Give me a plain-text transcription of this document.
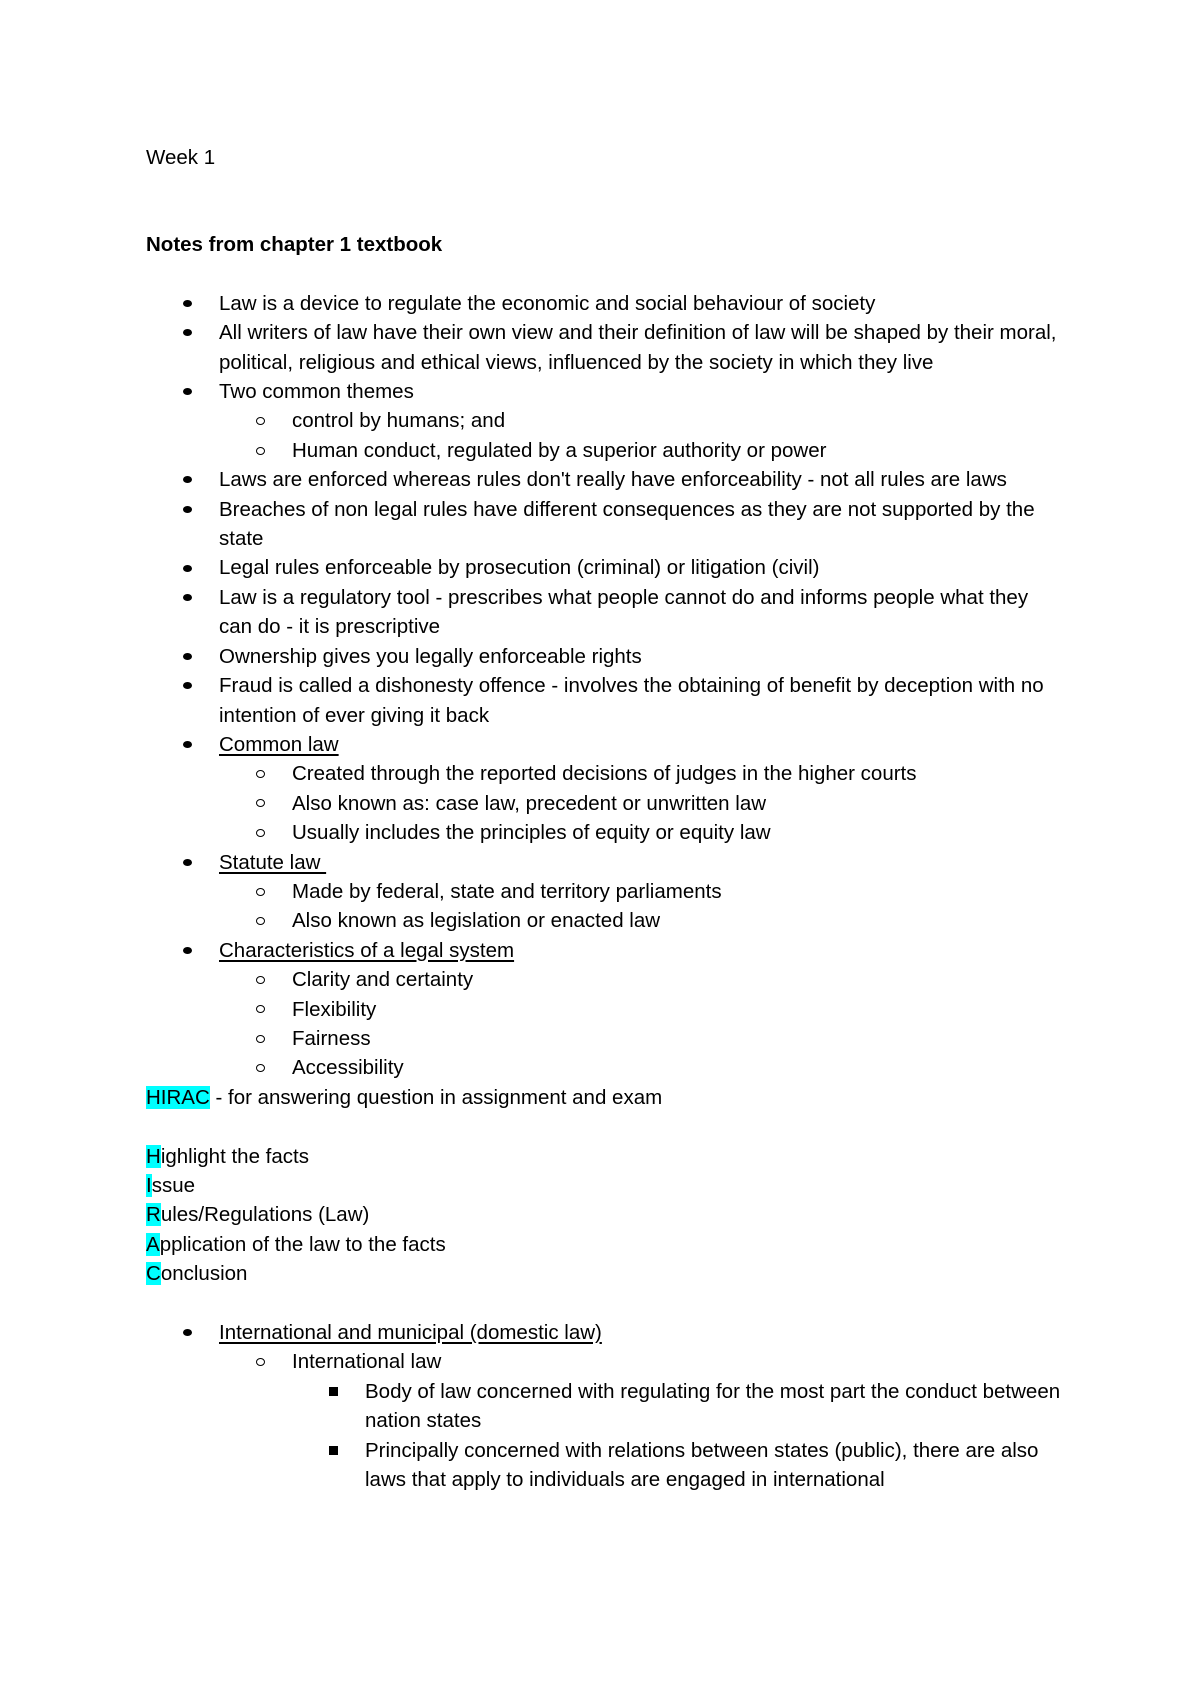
Week 1

Notes from chapter 1 textbook

Law is a device to regulate the economic and social behaviour of society
All writers of law have their own view and their definition of law will be shaped by their moral, political, religious and ethical views, influenced by the society in which they live
Two common themes
control by humans; and
Human conduct, regulated by a superior authority or power
Laws are enforced whereas rules don't really have enforceability - not all rules are laws
Breaches of non legal rules have different consequences as they are not supported by the state
Legal rules enforceable by prosecution (criminal) or litigation (civil)
Law is a regulatory tool - prescribes what people cannot do and informs people what they can do - it is prescriptive
Ownership gives you legally enforceable rights
Fraud is called a dishonesty offence - involves the obtaining of benefit by deception with no intention of ever giving it back
Common law
Created through the reported decisions of judges in the higher courts
Also known as: case law, precedent or unwritten law
Usually includes the principles of equity or equity law
Statute law
Made by federal, state and territory parliaments
Also known as legislation or enacted law
Characteristics of a legal system
Clarity and certainty
Flexibility
Fairness
Accessibility

HIRAC - for answering question in assignment and exam

Highlight the facts

Issue

Rules/Regulations (Law)

Application of the law to the facts

Conclusion

International and municipal (domestic law)
International law
Body of law concerned with regulating for the most part the conduct between nation states
Principally concerned with relations between states (public), there are also laws that apply to individuals are engaged in international
